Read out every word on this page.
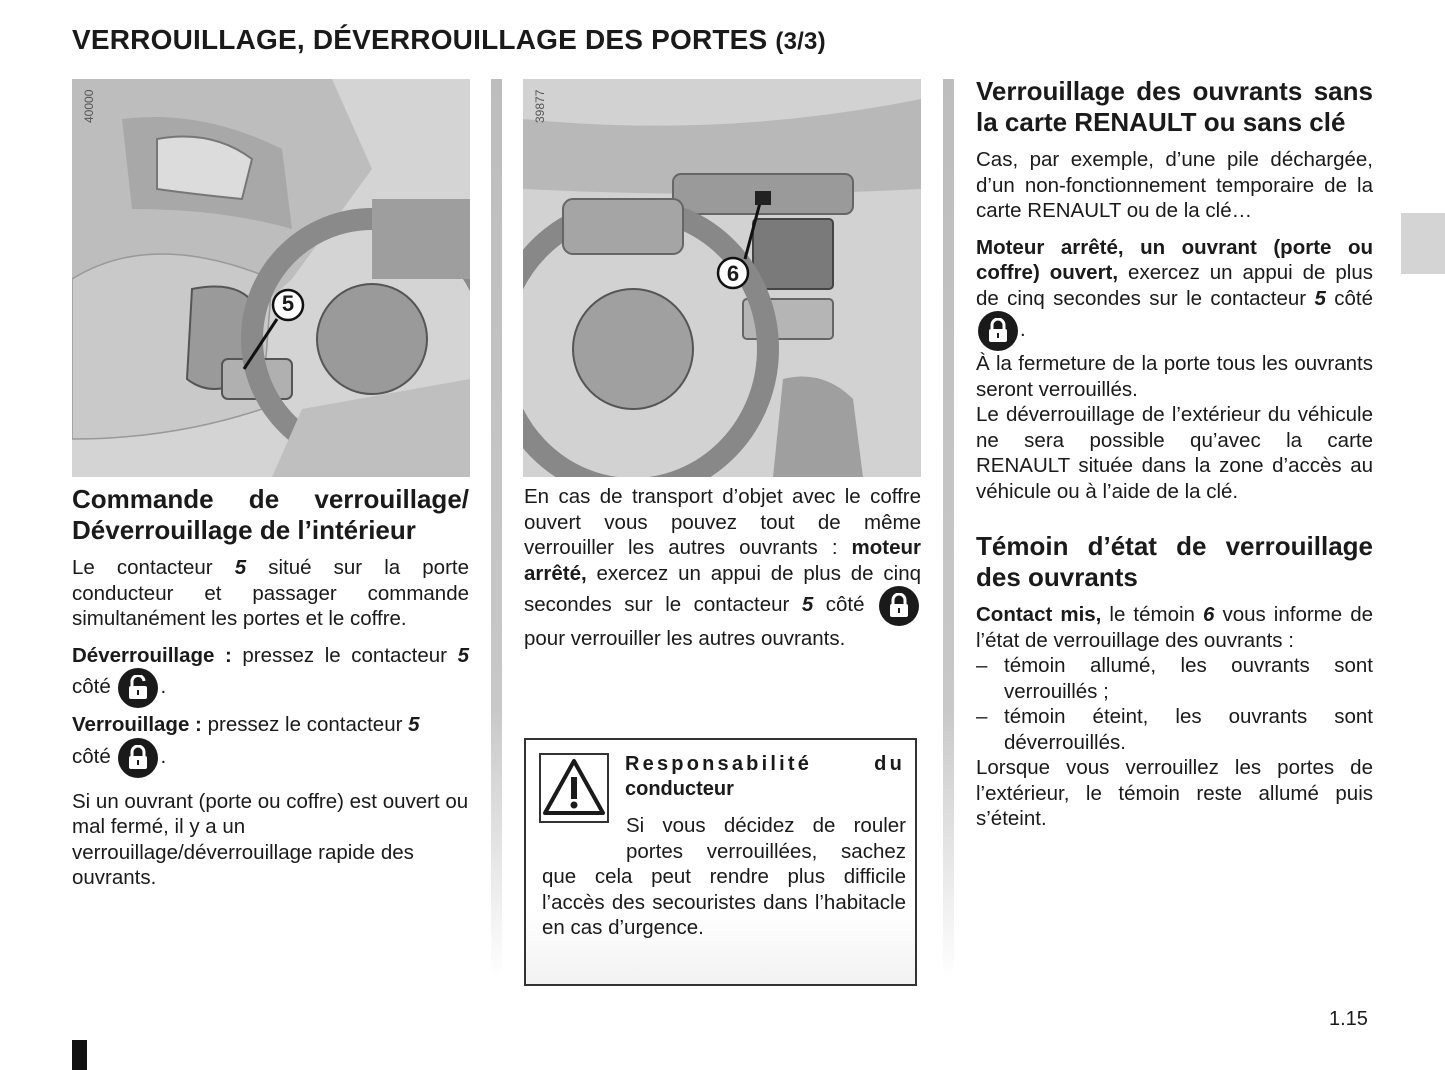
VERROUILLAGE, DÉVERROUILLAGE DES PORTES (3/3)
5
40000
6
39877
Commande de verrouillage/ Déverrouillage de l’intérieur

Le contacteur 5 situé sur la porte conducteur et passager commande simultanément les portes et le coffre.

Déverrouillage : pressez le contacteur 5 côté .

Verrouillage : pressez le contacteur 5
côté .

Si un ouvrant (porte ou coffre) est ouvert ou mal fermé, il y a un verrouillage/déverrouillage rapide des ouvrants.

En cas de transport d’objet avec le coffre ouvert vous pouvez tout de même verrouiller les autres ouvrants : moteur arrêté, exercez un appui de plus de cinq secondes sur le contacteur 5 côté
pour verrouiller les autres ouvrants.

Responsabilité	du
conducteur
Si vous décidez de rouler portes verrouillées, sachez que cela peut rendre plus difficile l’accès des secouristes dans l’habitacle en cas d’urgence.
Verrouillage des ouvrants sans la carte RENAULT ou sans clé

Cas, par exemple, d’une pile déchargée, d’un non-fonctionnement temporaire de la carte RENAULT ou de la clé…

Moteur arrêté, un ouvrant (porte ou coffre) ouvert, exercez un appui de plus de cinq secondes sur le contacteur 5 côté
.

À la fermeture de la porte tous les ouvrants seront verrouillés.

Le déverrouillage de l’extérieur du véhicule ne sera possible qu’avec la carte RENAULT située dans la zone d’accès au véhicule ou à l’aide de la clé.

Témoin d’état de verrouillage des ouvrants

Contact mis, le témoin 6 vous informe de l’état de verrouillage des ouvrants :

– témoin allumé, les ouvrants sont verrouillés ;
– témoin éteint, les ouvrants sont déverrouillés.

Lorsque vous verrouillez les portes de l’extérieur, le témoin reste allumé puis s’éteint.

1.15
